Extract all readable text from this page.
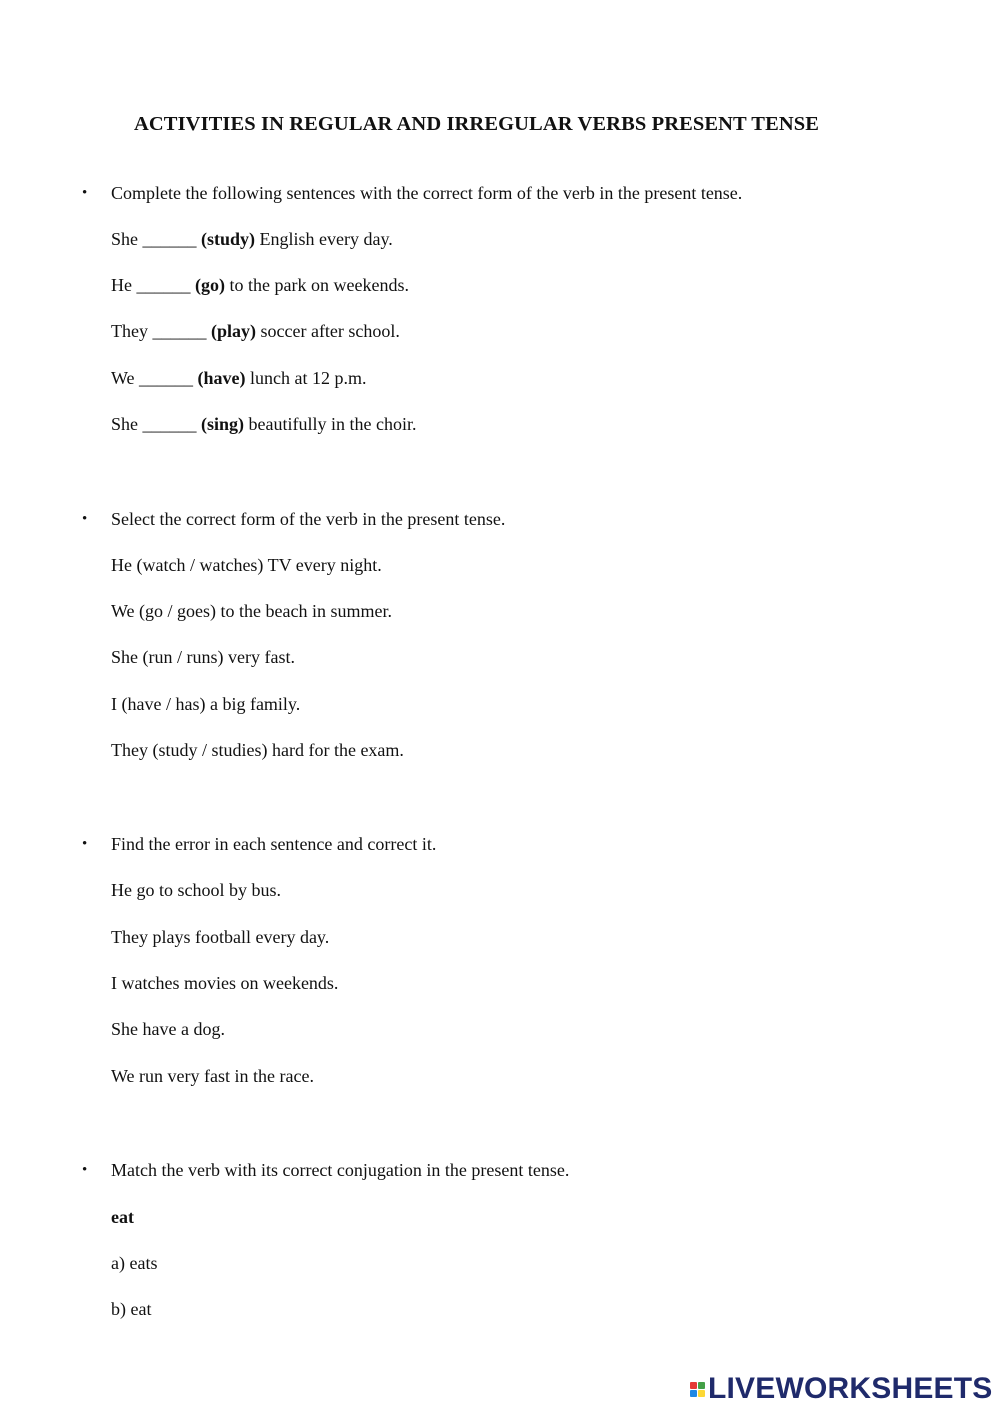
ACTIVITIES IN REGULAR AND IRREGULAR VERBS PRESENT TENSE
• Complete the following sentences with the correct form of the verb in the present tense.
She ______ (study) English every day.
He ______ (go) to the park on weekends.
They ______ (play) soccer after school.
We ______ (have) lunch at 12 p.m.
She ______ (sing) beautifully in the choir.
• Select the correct form of the verb in the present tense.
He (watch / watches) TV every night.
We (go / goes) to the beach in summer.
She (run / runs) very fast.
I (have / has) a big family.
They (study / studies) hard for the exam.
• Find the error in each sentence and correct it.
He go to school by bus.
They plays football every day.
I watches movies on weekends.
She have a dog.
We run very fast in the race.
• Match the verb with its correct conjugation in the present tense.
eat
a) eats
b) eat
LIVEWORKSHEETS
